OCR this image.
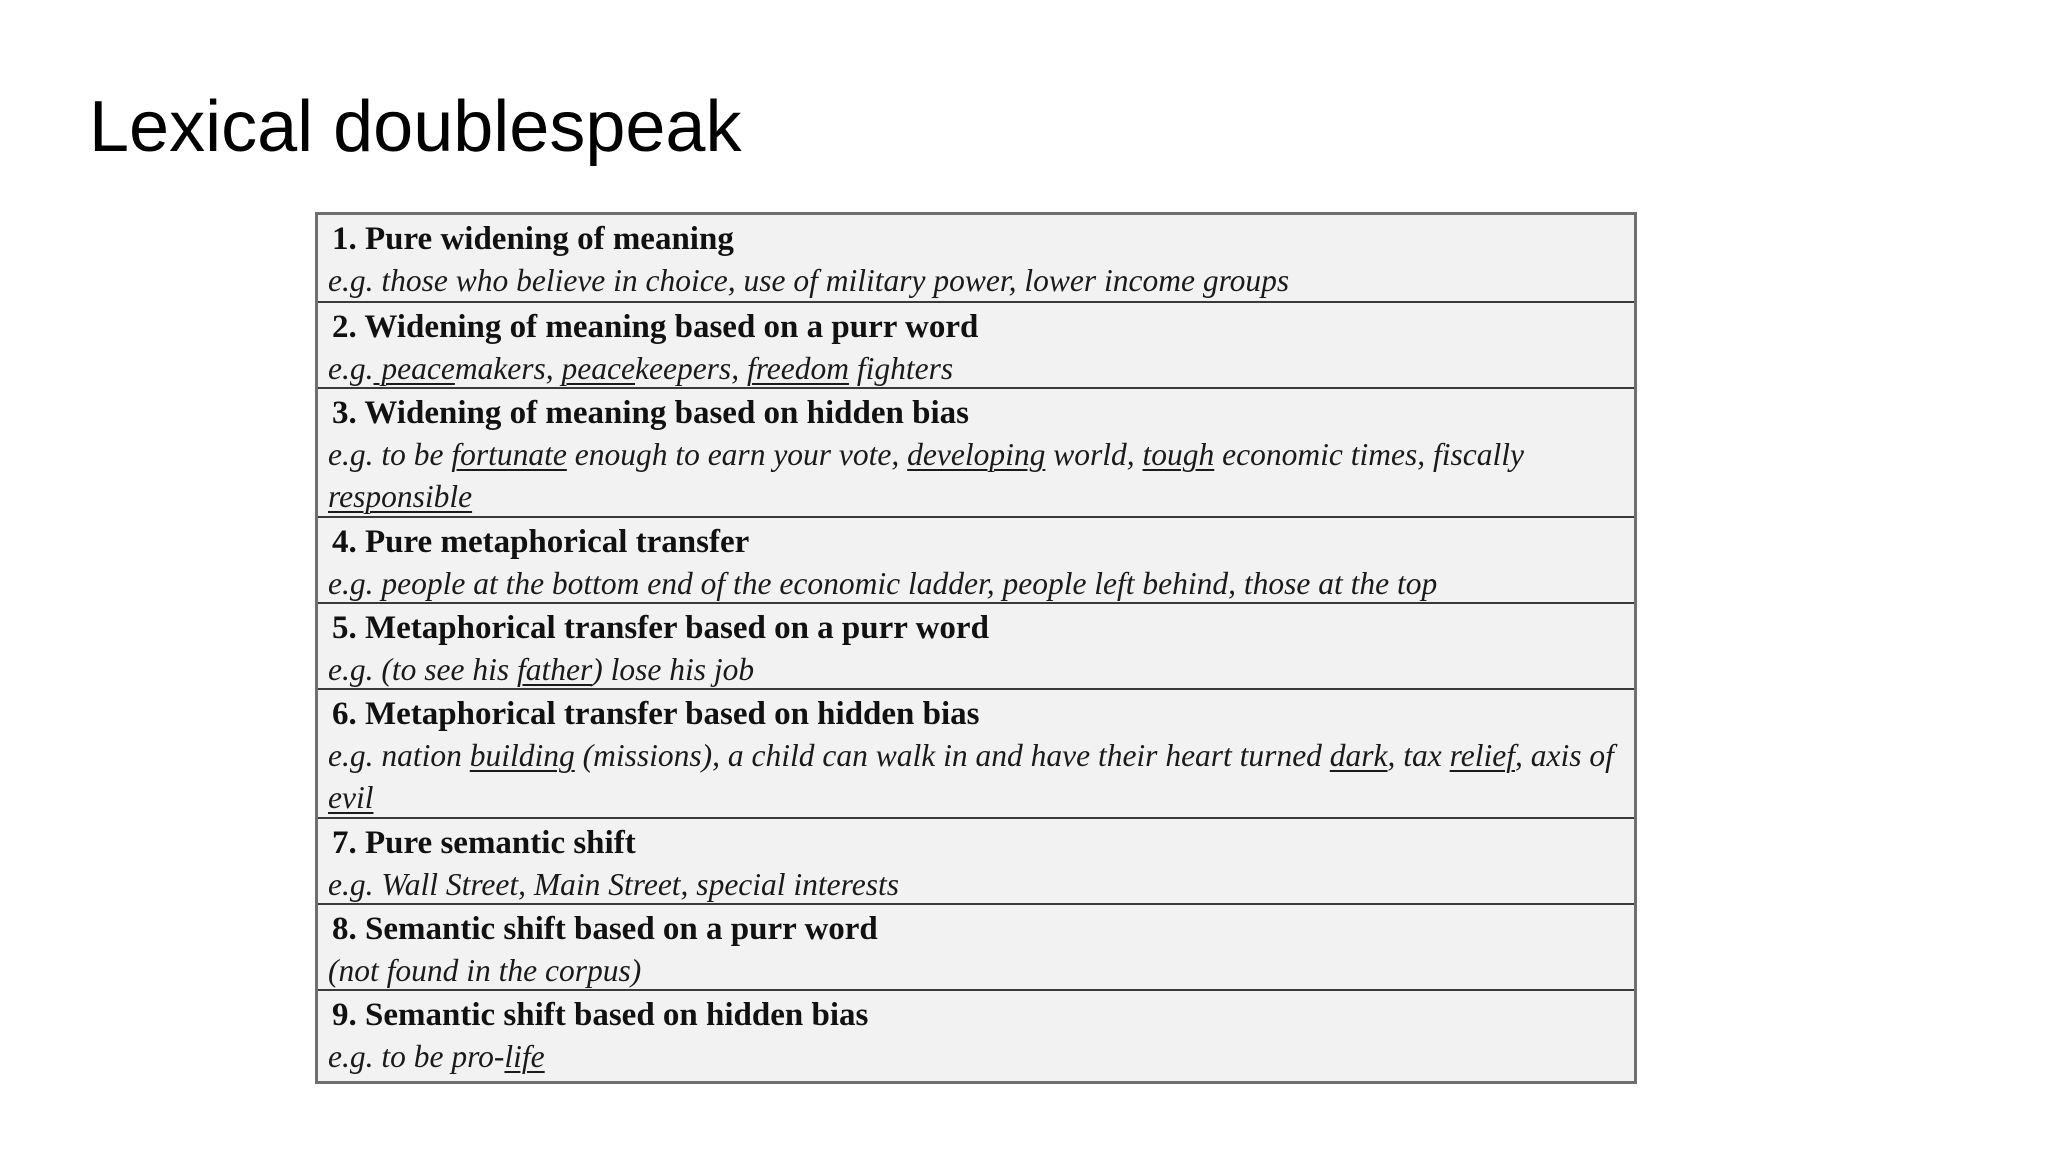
Lexical doublespeak
1. Pure widening of meaning
e.g. those who believe in choice, use of military power, lower income groups
2. Widening of meaning based on a purr word
e.g. peacemakers, peacekeepers, freedom fighters
3. Widening of meaning based on hidden bias
e.g. to be fortunate enough to earn your vote, developing world, tough economic times, fiscally responsible
4. Pure metaphorical transfer
e.g. people at the bottom end of the economic ladder, people left behind, those at the top
5. Metaphorical transfer based on a purr word
e.g. (to see his father) lose his job
6. Metaphorical transfer based on hidden bias
e.g. nation building (missions), a child can walk in and have their heart turned dark, tax relief, axis of evil
7. Pure semantic shift
e.g. Wall Street, Main Street, special interests
8. Semantic shift based on a purr word
(not found in the corpus)
9. Semantic shift based on hidden bias
e.g. to be pro-life
